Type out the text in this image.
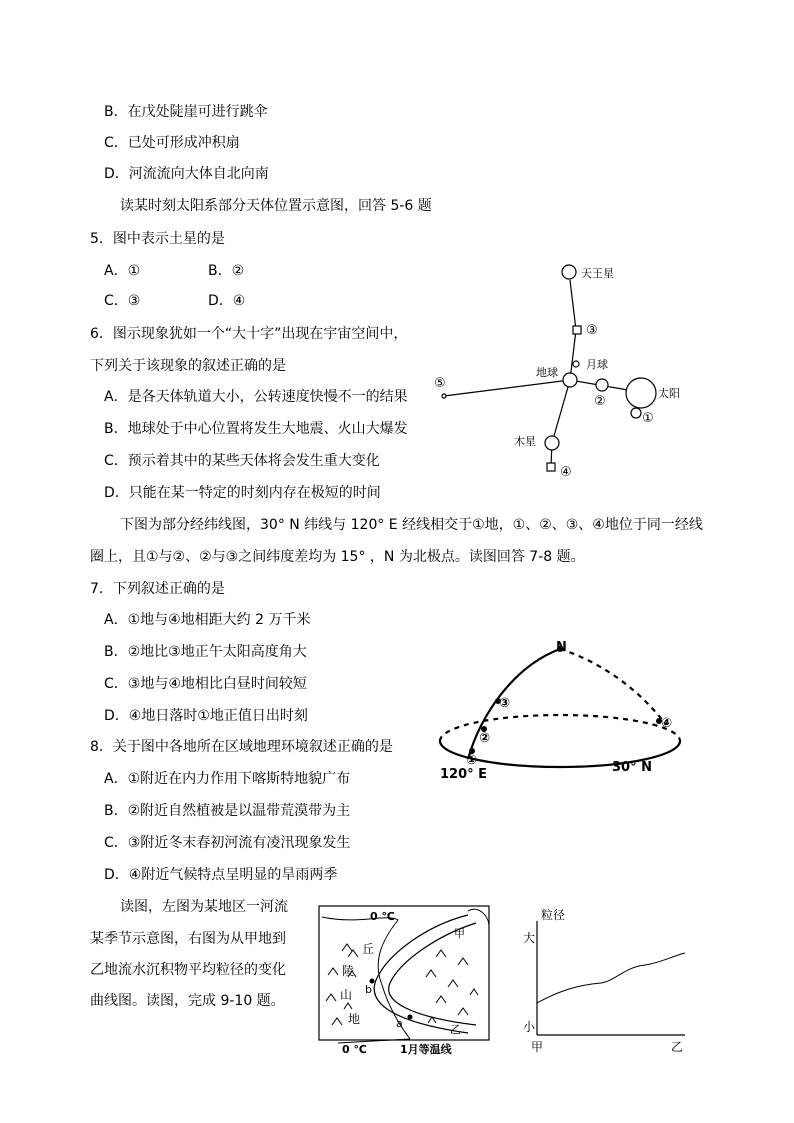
B．在戊处陡崖可进行跳伞
C．已处可形成冲积扇
D．河流流向大体自北向南
读某时刻太阳系部分天体位置示意图，回答 5-6 题
5．图中表示土星的是
A．①	B．②
C．③	D．④
6．图示现象犹如一个“大十字”出现在宇宙空间中，
下列关于该现象的叙述正确的是
A．是各天体轨道大小，公转速度快慢不一的结果
B．地球处于中心位置将发生大地震、火山大爆发
C．预示着其中的某些天体将会发生重大变化
D．只能在某一特定的时刻内存在极短的时间
下图为部分经纬线图，30° N 纬线与 120° E 经线相交于①地，①、②、③、④地位于同一经线
圈上，且①与②、②与③之间纬度差均为 15° ，N 为北极点。读图回答 7-8 题。
7．下列叙述正确的是
A．①地与④地相距大约 2 万千米
B．②地比③地正午太阳高度角大
C．③地与④地相比白昼时间较短
D．④地日落时①地正值日出时刻
8．关于图中各地所在区域地理环境叙述正确的是
A．①附近在内力作用下喀斯特地貌广布
B．②附近自然植被是以温带荒漠带为主
C．③附近冬末春初河流有凌汛现象发生
D．④附近气候特点呈明显的旱雨两季
读图，左图为某地区一河流
某季节示意图，右图为从甲地到
乙地流水沉积物平均粒径的变化
曲线图。读图，完成 9-10 题。
天王星
③
月球
地球
②
太阳
①
木星
④
⑤
N
①
②
③
④
120° E	30° N
0 ℃
甲
乙
b
a
丘
陵
山
地
0 ℃	1月等温线
粒径
大
小
甲	乙
